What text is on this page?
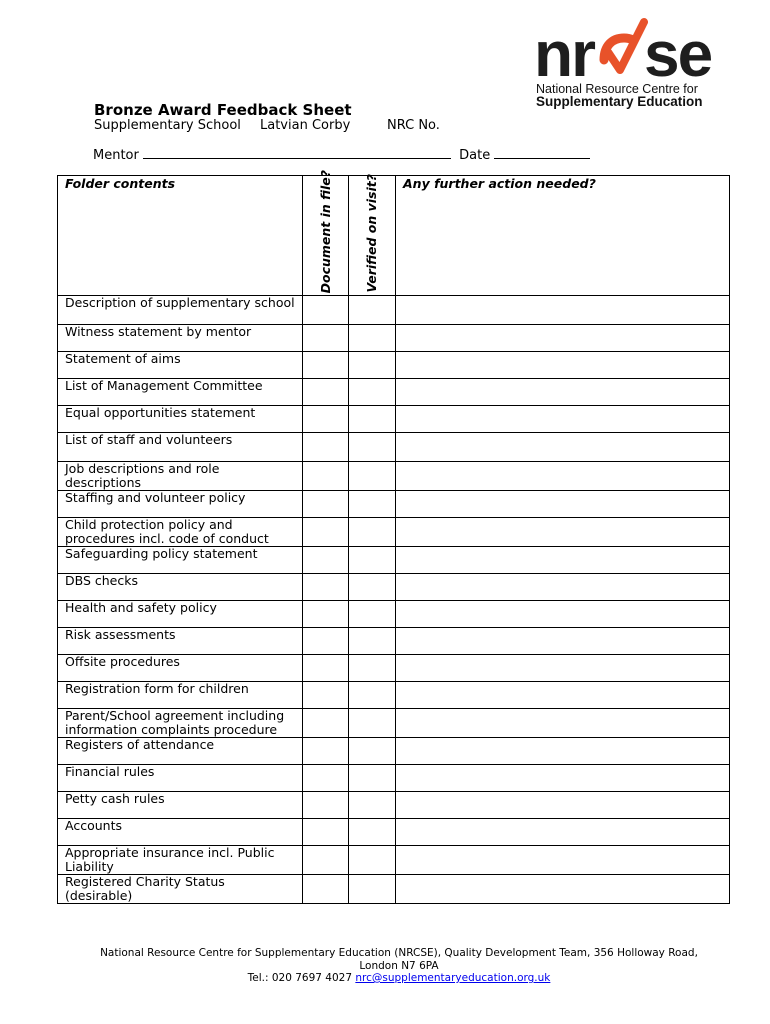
nr se
National Resource Centre for
Supplementary Education
Bronze Award Feedback Sheet
Supplementary School Latvian Corby	NRC No.
Mentor	Date
Folder contents	Document in file?	Verified on visit?	Any further action needed?
Description of supplementary school			
Witness statement by mentor			
Statement of aims			
List of Management Committee			
Equal opportunities statement			
List of staff and volunteers			
Job descriptions and role descriptions			
Staffing and volunteer policy			
Child protection policy and procedures incl. code of conduct			
Safeguarding policy statement			
DBS checks			
Health and safety policy			
Risk assessments			
Offsite procedures			
Registration form for children			
Parent/School agreement including information complaints procedure			
Registers of attendance			
Financial rules			
Petty cash rules			
Accounts			
Appropriate insurance incl. Public Liability			
Registered Charity Status (desirable)			
National Resource Centre for Supplementary Education (NRCSE), Quality Development Team, 356 Holloway Road,
London N7 6PA
Tel.: 020 7697 4027 nrc@supplementaryeducation.org.uk
